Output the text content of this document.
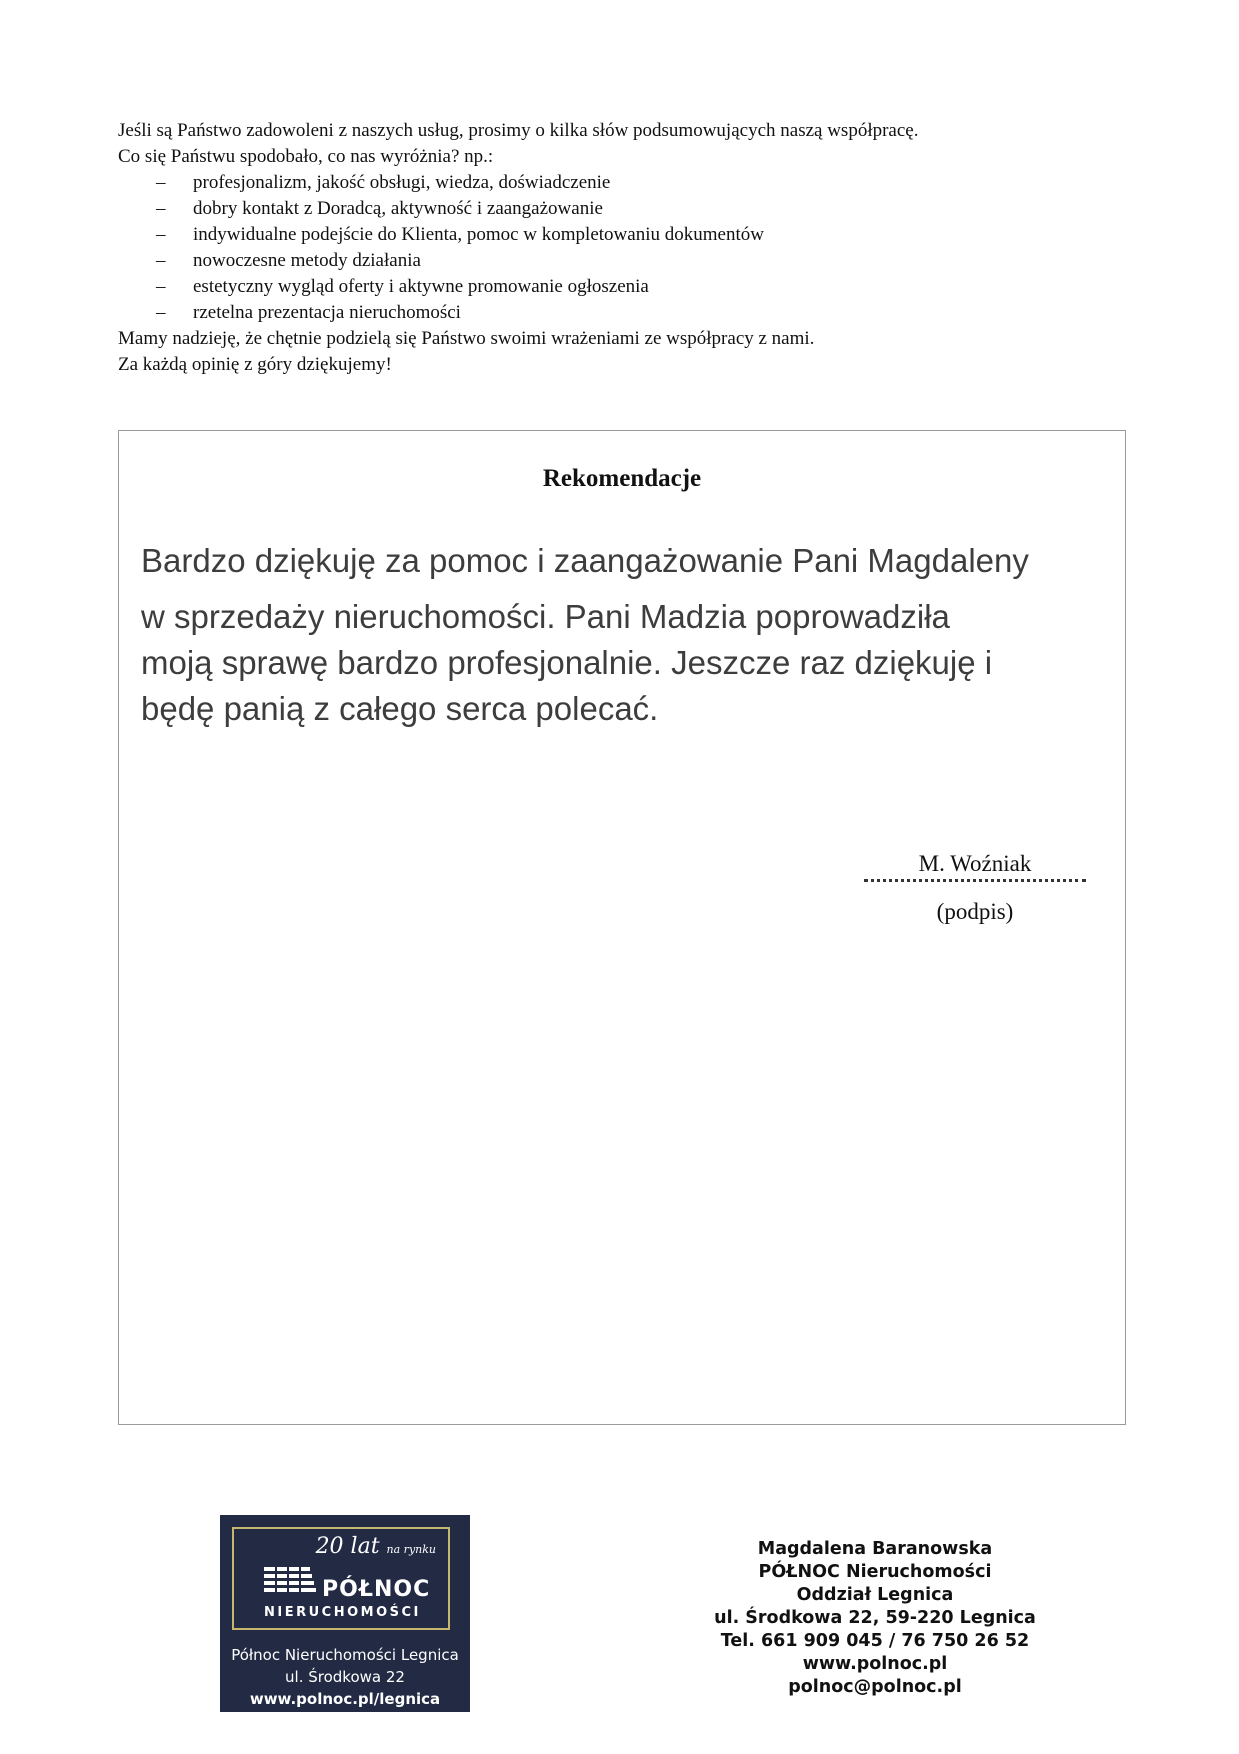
Jeśli są Państwo zadowoleni z naszych usług, prosimy o kilka słów podsumowujących naszą współpracę.

Co się Państwu spodobało, co nas wyróżnia? np.:

– profesjonalizm, jakość obsługi, wiedza, doświadczenie
– dobry kontakt z Doradcą, aktywność i zaangażowanie
– indywidualne podejście do Klienta, pomoc w kompletowaniu dokumentów
– nowoczesne metody działania
– estetyczny wygląd oferty i aktywne promowanie ogłoszenia
– rzetelna prezentacja nieruchomości

Mamy nadzieję, że chętnie podzielą się Państwo swoimi wrażeniami ze współpracy z nami.

Za każdą opinię z góry dziękujemy!

Rekomendacje

Bardzo dziękuję za pomoc i zaangażowanie Pani Magdaleny
w sprzedaży nieruchomości. Pani Madzia poprowadziła
moją sprawę bardzo profesjonalnie. Jeszcze raz dziękuję i
będę panią z całego serca polecać.

M. Woźniak
(podpis)
20 lat na rynku
PÓŁNOC
NIERUCHOMOŚCI
Północ Nieruchomości Legnica
ul. Środkowa 22
www.polnoc.pl/legnica
Magdalena Baranowska
PÓŁNOC Nieruchomości
Oddział Legnica
ul. Środkowa 22, 59-220 Legnica
Tel. 661 909 045 / 76 750 26 52
www.polnoc.pl
polnoc@polnoc.pl
